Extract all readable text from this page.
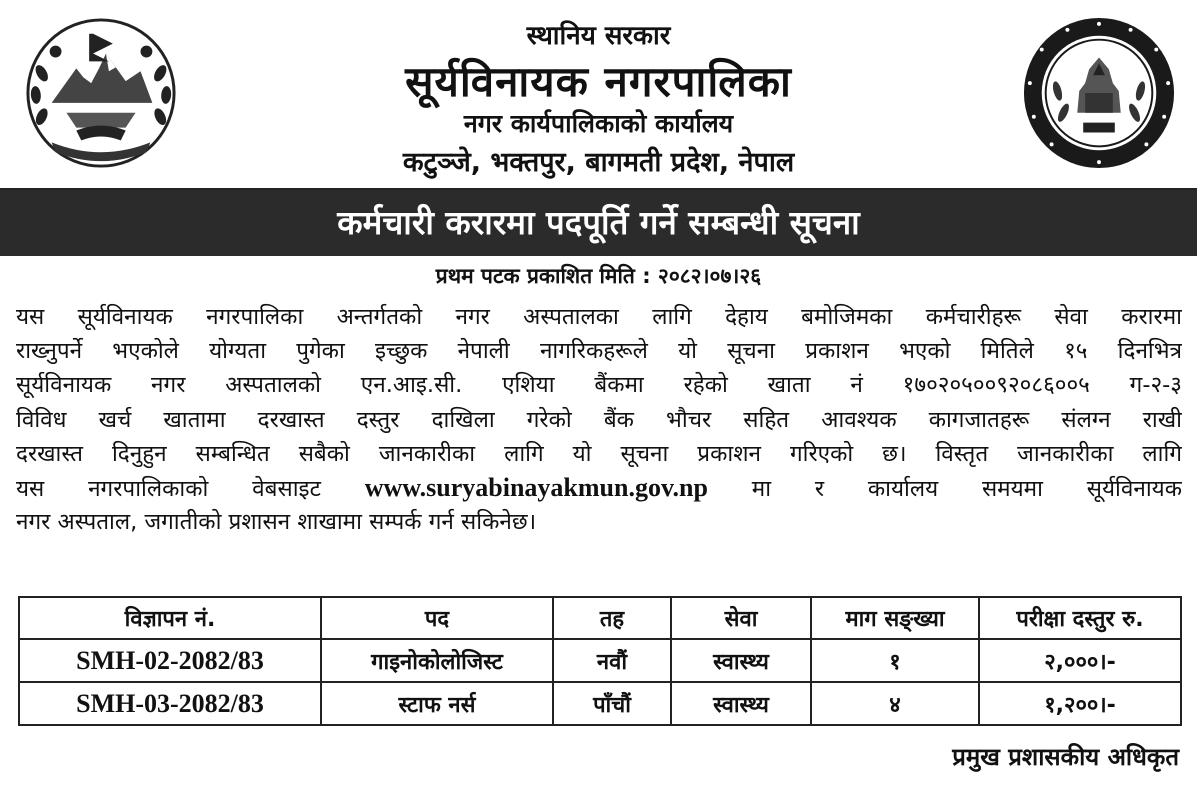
स्थानिय सरकार
सूर्यविनायक नगरपालिका
नगर कार्यपालिकाको कार्यालय
कटुञ्जे, भक्तपुर, बागमती प्रदेश, नेपाल
कर्मचारी करारमा पदपूर्ति गर्ने सम्बन्धी सूचना
प्रथम पटक प्रकाशित मिति : २०८२।०७।२६
यस सूर्यविनायक नगरपालिका अन्तर्गतको नगर अस्पतालका लागि देहाय बमोजिमका कर्मचारीहरू सेवा करारमा
राख्नुपर्ने भएकोले योग्यता पुगेका इच्छुक नेपाली नागरिकहरूले यो सूचना प्रकाशन भएको मितिले १५ दिनभित्र
सूर्यविनायक नगर अस्पतालको एन.आइ.सी. एशिया बैंकमा रहेको खाता नं १७०२०५००९२०८६००५ ग-२-३
विविध खर्च खातामा दरखास्त दस्तुर दाखिला गरेको बैंक भौचर सहित आवश्यक कागजातहरू संलग्न राखी
दरखास्त दिनुहुन सम्बन्धित सबैको जानकारीका लागि यो सूचना प्रकाशन गरिएको छ। विस्तृत जानकारीका लागि
यस नगरपालिकाको वेबसाइट www.suryabinayakmun.gov.np मा र कार्यालय समयमा सूर्यविनायक
नगर अस्पताल, जगातीको प्रशासन शाखामा सम्पर्क गर्न सकिनेछ।
विज्ञापन नं.	पद	तह	सेवा	माग सङ्ख्या	परीक्षा दस्तुर रु.
SMH-02-2082/83	गाइनोकोलोजिस्ट	नवौं	स्वास्थ्य	१	२,०००।-
SMH-03-2082/83	स्टाफ नर्स	पाँचौं	स्वास्थ्य	४	१,२००।-
प्रमुख प्रशासकीय अधिकृत
